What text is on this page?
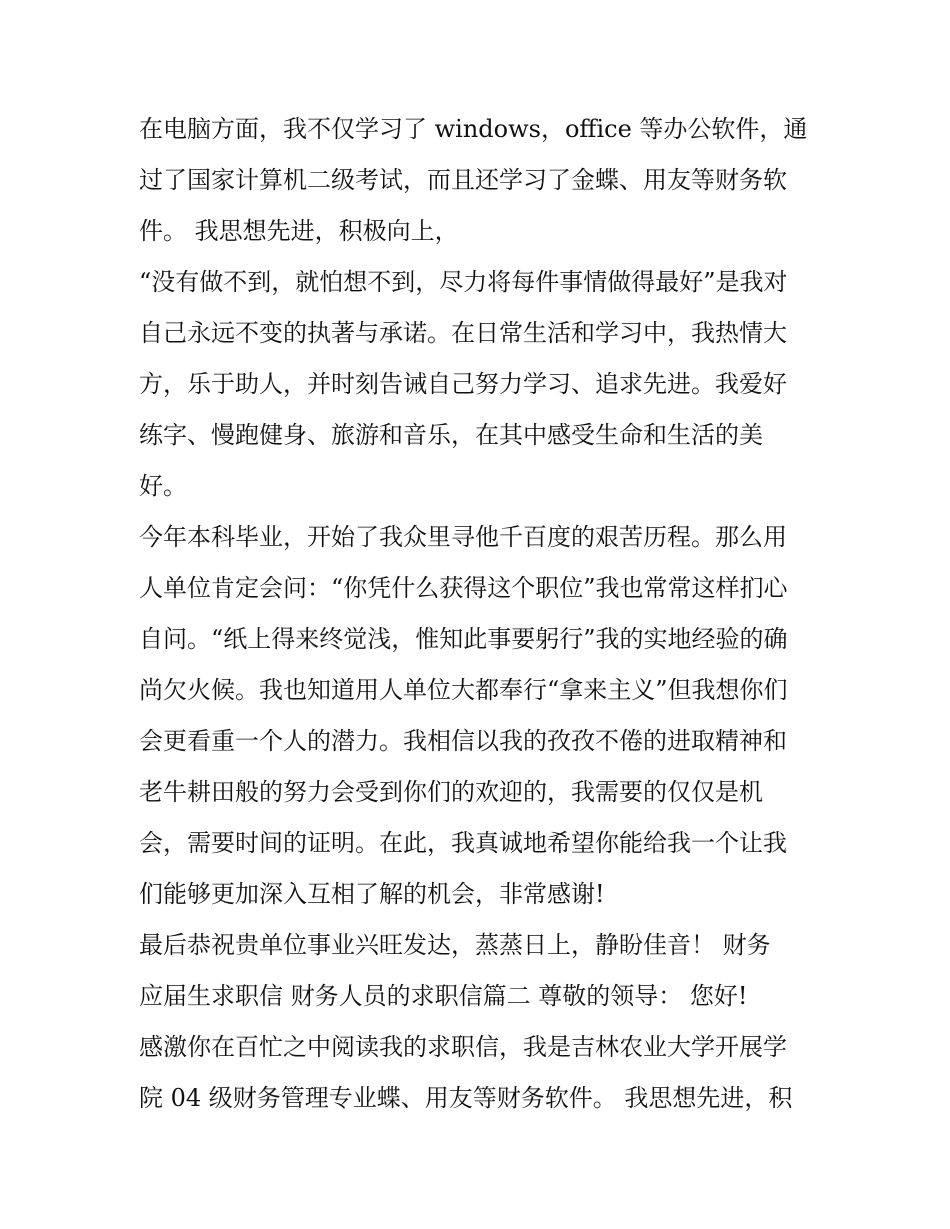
在电脑方面，我不仅学习了 windows，office 等办公软件，通
过了国家计算机二级考试，而且还学习了金蝶、用友等财务软
件。 我思想先进，积极向上，
“没有做不到，就怕想不到，尽力将每件事情做得最好”是我对
自己永远不变的执著与承诺。在日常生活和学习中，我热情大
方，乐于助人，并时刻告诫自己努力学习、追求先进。我爱好
练字、慢跑健身、旅游和音乐，在其中感受生命和生活的美
好。
今年本科毕业，开始了我众里寻他千百度的艰苦历程。那么用
人单位肯定会问：“你凭什么获得这个职位”我也常常这样扪心
自问。“纸上得来终觉浅，惟知此事要躬行”我的实地经验的确
尚欠火候。我也知道用人单位大都奉行“拿来主义”但我想你们
会更看重一个人的潜力。我相信以我的孜孜不倦的进取精神和
老牛耕田般的努力会受到你们的欢迎的，我需要的仅仅是机
会，需要时间的证明。在此，我真诚地希望你能给我一个让我
们能够更加深入互相了解的机会，非常感谢!
最后恭祝贵单位事业兴旺发达，蒸蒸日上，静盼佳音！ 财务
应届生求职信 财务人员的求职信篇二 尊敬的领导： 您好!
感激你在百忙之中阅读我的求职信，我是吉林农业大学开展学
院 04 级财务管理专业蝶、用友等财务软件。 我思想先进，积
